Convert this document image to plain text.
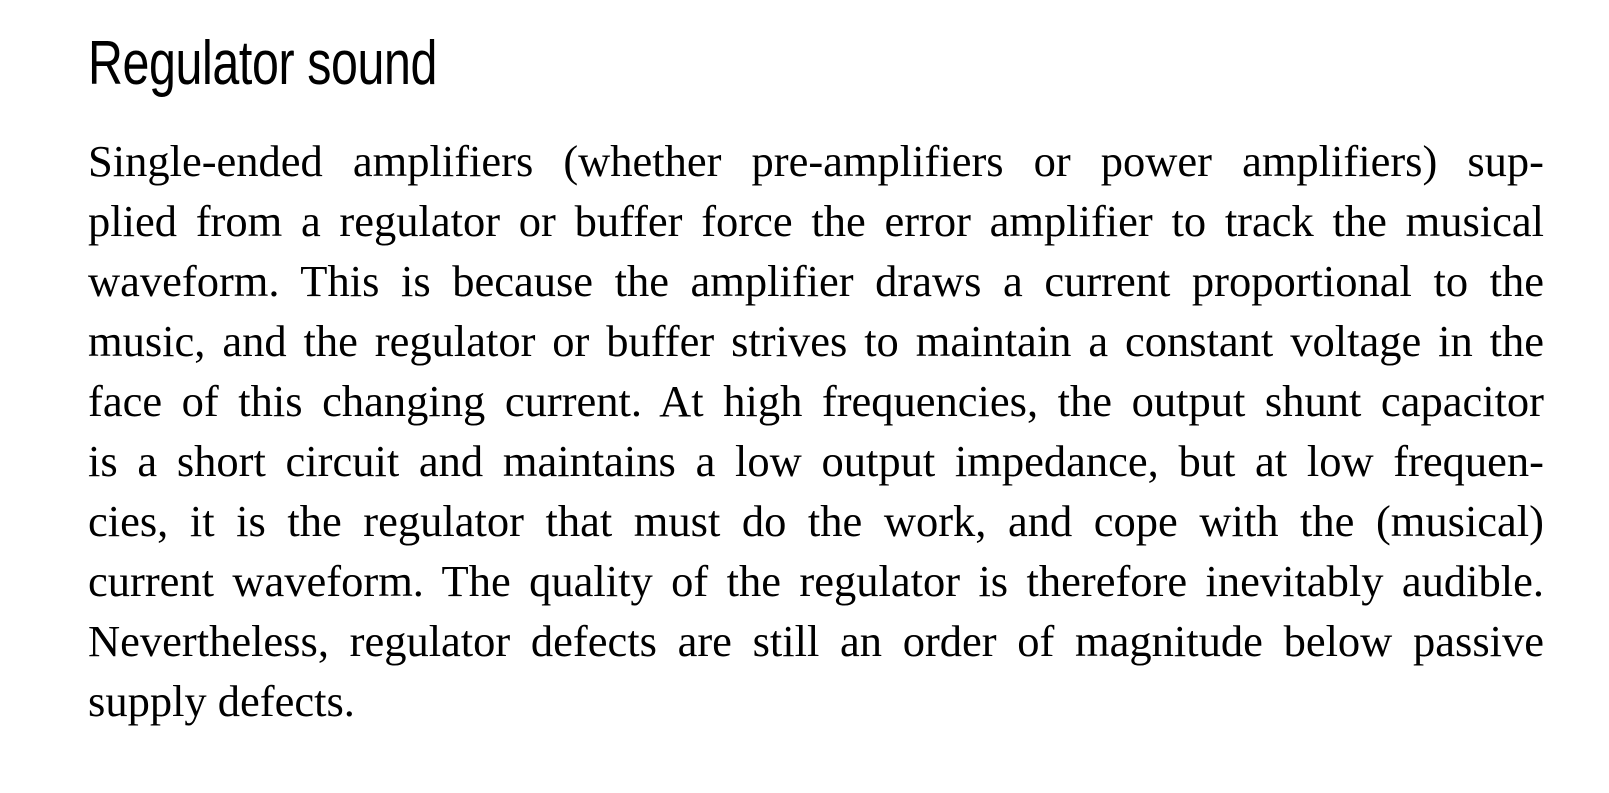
Regulator sound

Single-ended amplifiers (whether pre-amplifiers or power amplifiers) sup-
plied from a regulator or buffer force the error amplifier to track the musical
waveform. This is because the amplifier draws a current proportional to the
music, and the regulator or buffer strives to maintain a constant voltage in the
face of this changing current. At high frequencies, the output shunt capacitor
is a short circuit and maintains a low output impedance, but at low frequen-
cies, it is the regulator that must do the work, and cope with the (musical)
current waveform. The quality of the regulator is therefore inevitably audible.
Nevertheless, regulator defects are still an order of magnitude below passive
supply defects.
